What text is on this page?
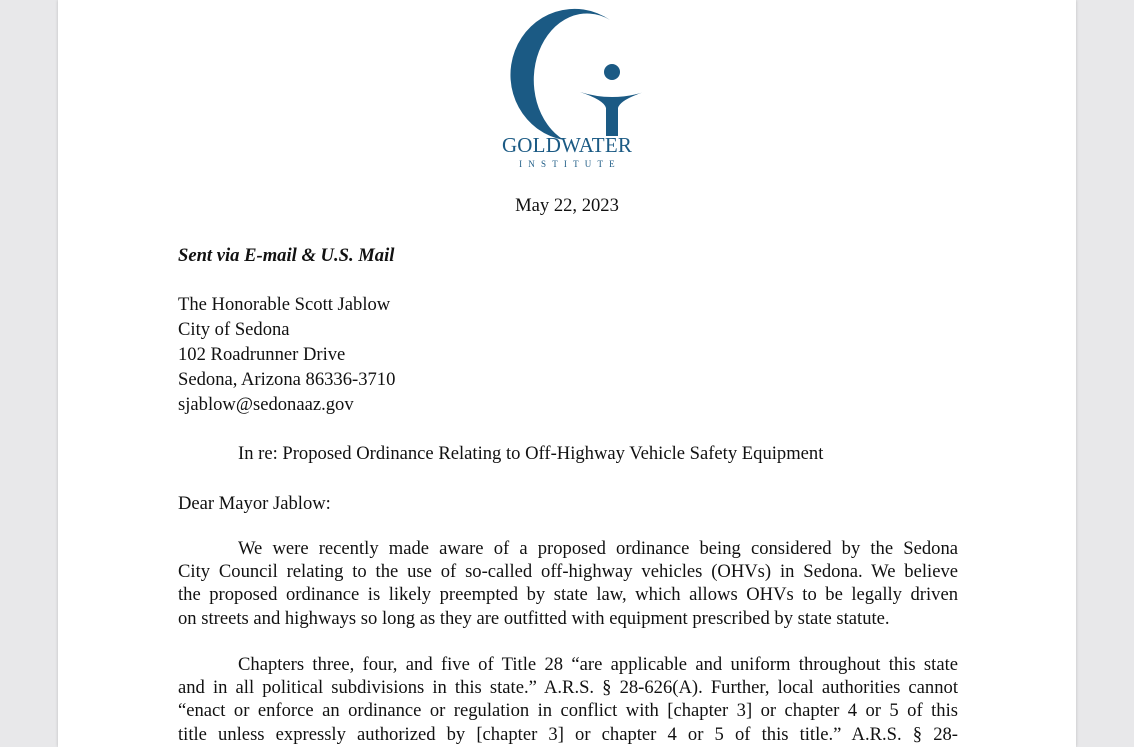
GOLDWATER
INSTITUTE
May 22, 2023
Sent via E-mail & U.S. Mail
The Honorable Scott Jablow
City of Sedona
102 Roadrunner Drive
Sedona, Arizona 86336-3710
sjablow@sedonaaz.gov
In re: Proposed Ordinance Relating to Off-Highway Vehicle Safety Equipment
Dear Mayor Jablow:
We were recently made aware of a proposed ordinance being considered by the Sedona
City Council relating to the use of so-called off-highway vehicles (OHVs) in Sedona. We believe
the proposed ordinance is likely preempted by state law, which allows OHVs to be legally driven
on streets and highways so long as they are outfitted with equipment prescribed by state statute.
Chapters three, four, and five of Title 28 “are applicable and uniform throughout this state
and in all political subdivisions in this state.” A.R.S. § 28-626(A). Further, local authorities cannot
“enact or enforce an ordinance or regulation in conflict with [chapter 3] or chapter 4 or 5 of this
title unless expressly authorized by [chapter 3] or chapter 4 or 5 of this title.” A.R.S. § 28-
